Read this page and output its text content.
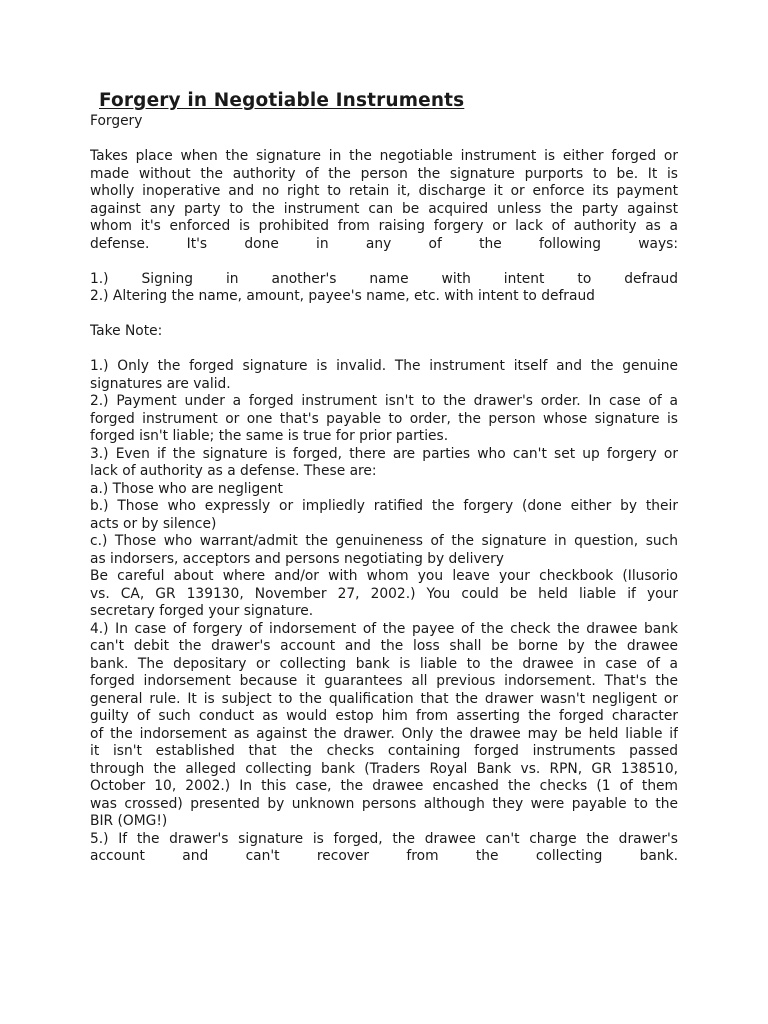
Forgery in Negotiable Instruments
Forgery
Takes place when the signature in the negotiable instrument is either forged or
made without the authority of the person the signature purports to be. It is
wholly inoperative and no right to retain it, discharge it or enforce its payment
against any party to the instrument can be acquired unless the party against
whom it's enforced is prohibited from raising forgery or lack of authority as a
defense. It's done in any of the following ways:
1.) Signing in another's name with intent to defraud
2.) Altering the name, amount, payee's name, etc. with intent to defraud
Take Note:
1.) Only the forged signature is invalid. The instrument itself and the genuine
signatures are valid.
2.) Payment under a forged instrument isn't to the drawer's order. In case of a
forged instrument or one that's payable to order, the person whose signature is
forged isn't liable; the same is true for prior parties.
3.) Even if the signature is forged, there are parties who can't set up forgery or
lack of authority as a defense. These are:
a.) Those who are negligent
b.) Those who expressly or impliedly ratified the forgery (done either by their
acts or by silence)
c.) Those who warrant/admit the genuineness of the signature in question, such
as indorsers, acceptors and persons negotiating by delivery
Be careful about where and/or with whom you leave your checkbook (Ilusorio
vs. CA, GR 139130, November 27, 2002.) You could be held liable if your
secretary forged your signature.
4.) In case of forgery of indorsement of the payee of the check the drawee bank
can't debit the drawer's account and the loss shall be borne by the drawee
bank. The depositary or collecting bank is liable to the drawee in case of a
forged indorsement because it guarantees all previous indorsement. That's the
general rule. It is subject to the qualification that the drawer wasn't negligent or
guilty of such conduct as would estop him from asserting the forged character
of the indorsement as against the drawer. Only the drawee may be held liable if
it isn't established that the checks containing forged instruments passed
through the alleged collecting bank (Traders Royal Bank vs. RPN, GR 138510,
October 10, 2002.) In this case, the drawee encashed the checks (1 of them
was crossed) presented by unknown persons although they were payable to the
BIR (OMG!)
5.) If the drawer's signature is forged, the drawee can't charge the drawer's
account and can't recover from the collecting bank.
